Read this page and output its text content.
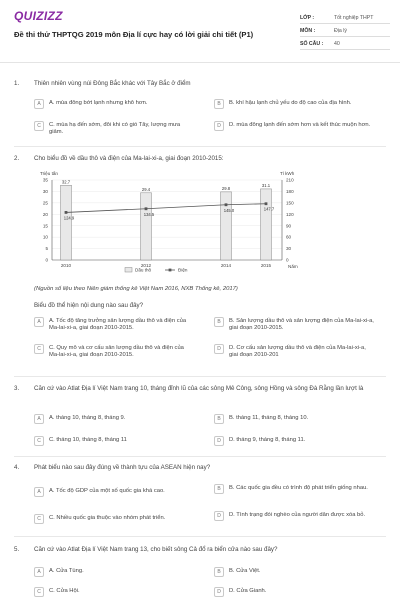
QUIZIZZ
Đề thi thử THPTQG 2019 môn Địa lí cực hay có lời giải chi tiết (P1)
LỚP :	Tốt nghiệp THPT
MÔN :	Địa lý
SỐ CÂU :	40
1. Thiên nhiên vùng núi Đông Bắc khác với Tây Bắc ở điểm
A	A. mùa đông bớt lạnh nhưng khô hơn.	B	B. khí hậu lạnh chủ yếu do độ cao của địa hình.
C	C. mùa hạ đến sớm, đôi khi có gió Tây, lượng mưa giảm.
D	D. mùa đông lạnh đến sớm hơn và kết thúc muộn hơn.
2. Cho biểu đồ về dầu thô và điện của Ma-lai-xi-a, giai đoạn 2010-2015:
0
5
10
15
20
25
30
35
0
30
60
90
120
150
180
210
Triệu tấn	Tỉ kWh
Năm
32.7
2010
29.4
2012
29.8
2014
31.1
2015
124.9
134.5
145.0	147.7
Dầu thô	Điện
(Nguồn số liệu theo Niên giám thống kê Việt Nam 2016, NXB Thống kê, 2017)
Biểu đồ thể hiện nội dung nào sau đây?
A	A. Tốc độ tăng trưởng sản lượng dầu thô và điện của Ma-lai-xi-a, giai đoạn 2010-2015.
B	B. Sản lượng dầu thô và sản lượng điện của Ma-lai-xi-a, giai đoạn 2010-2015.
C	C. Quy mô và cơ cấu sản lượng dầu thô và điện của Ma-lai-xi-a, giai đoạn 2010-2015.
D	D. Cơ cấu sản lượng dầu thô và điện của Ma-lai-xi-a, giai đoạn 2010-201
3. Căn cứ vào Atlat Địa lí Việt Nam trang 10, tháng đỉnh lũ của các sông Mê Công, sông Hồng và sông Đà Rằng lần lượt là
A	A. tháng 10, tháng 8, tháng 9.	B	B. tháng 11, tháng 8, tháng 10.
C	C. tháng 10, tháng 8, tháng 11	D	D. tháng 9, tháng 8, tháng 11.
4. Phát biểu nào sau đây đúng về thành tựu của ASEAN hiện nay?
A	A. Tốc độ GDP của một số quốc gia khá cao.	B	B. Các quốc gia đều có trình độ phát triển giống nhau.
C	C. Nhiều quốc gia thuộc vào nhóm phát triển.	D	D. Tình trạng đói nghèo của người dân được xóa bỏ.
5. Căn cứ vào Atlat Địa lí Việt Nam trang 13, cho biết sông Cả đổ ra biển cửa nào sau đây?
A	A. Cửa Tùng.	B	B. Cửa Việt.
C	C. Cửa Hội.	D	D. Cửa Gianh.
